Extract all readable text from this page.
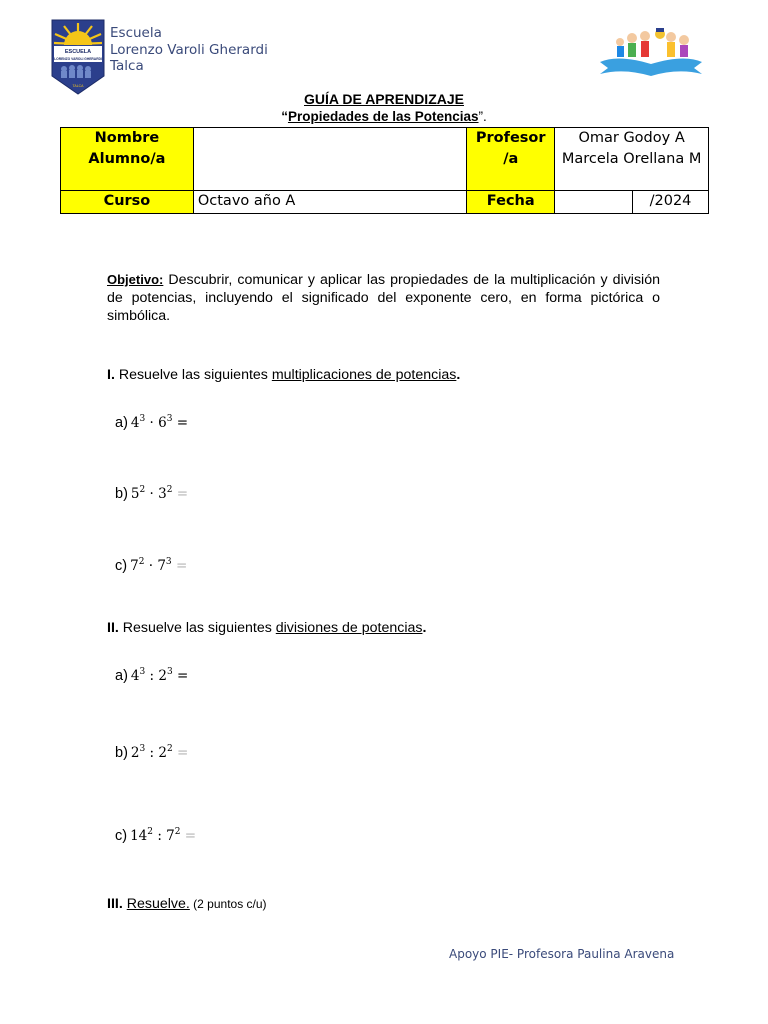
ESCUELA
LORENZO VAROLI GHERARDI
TALCA
Escuela
Lorenzo Varoli Gherardi
Talca
GUÍA DE APRENDIZAJE
“Propiedades de las Potencias”.
Nombre Alumno/a		Profesor /a	Omar Godoy A Marcela Orellana M	
Curso	Octavo año A	Fecha		/2024
Objetivo: Descubrir, comunicar y aplicar las propiedades de la multiplicación y división de potencias, incluyendo el significado del exponente cero, en forma pictórica o simbólica.
I. Resuelve las siguientes multiplicaciones de potencias.
a) $4^3 \cdot 6^3$ =
b) $5^2 \cdot 3^2$ =
c) $7^2 \cdot 7^3$ =
II. Resuelve las siguientes divisiones de potencias.
a) $4^3$ : $2^3$ =
b) $2^3$ : $2^2$ =
c) $14^2$ : $7^2$ =
III. Resuelve. (2 puntos c/u)
Apoyo PIE- Profesora Paulina Aravena
